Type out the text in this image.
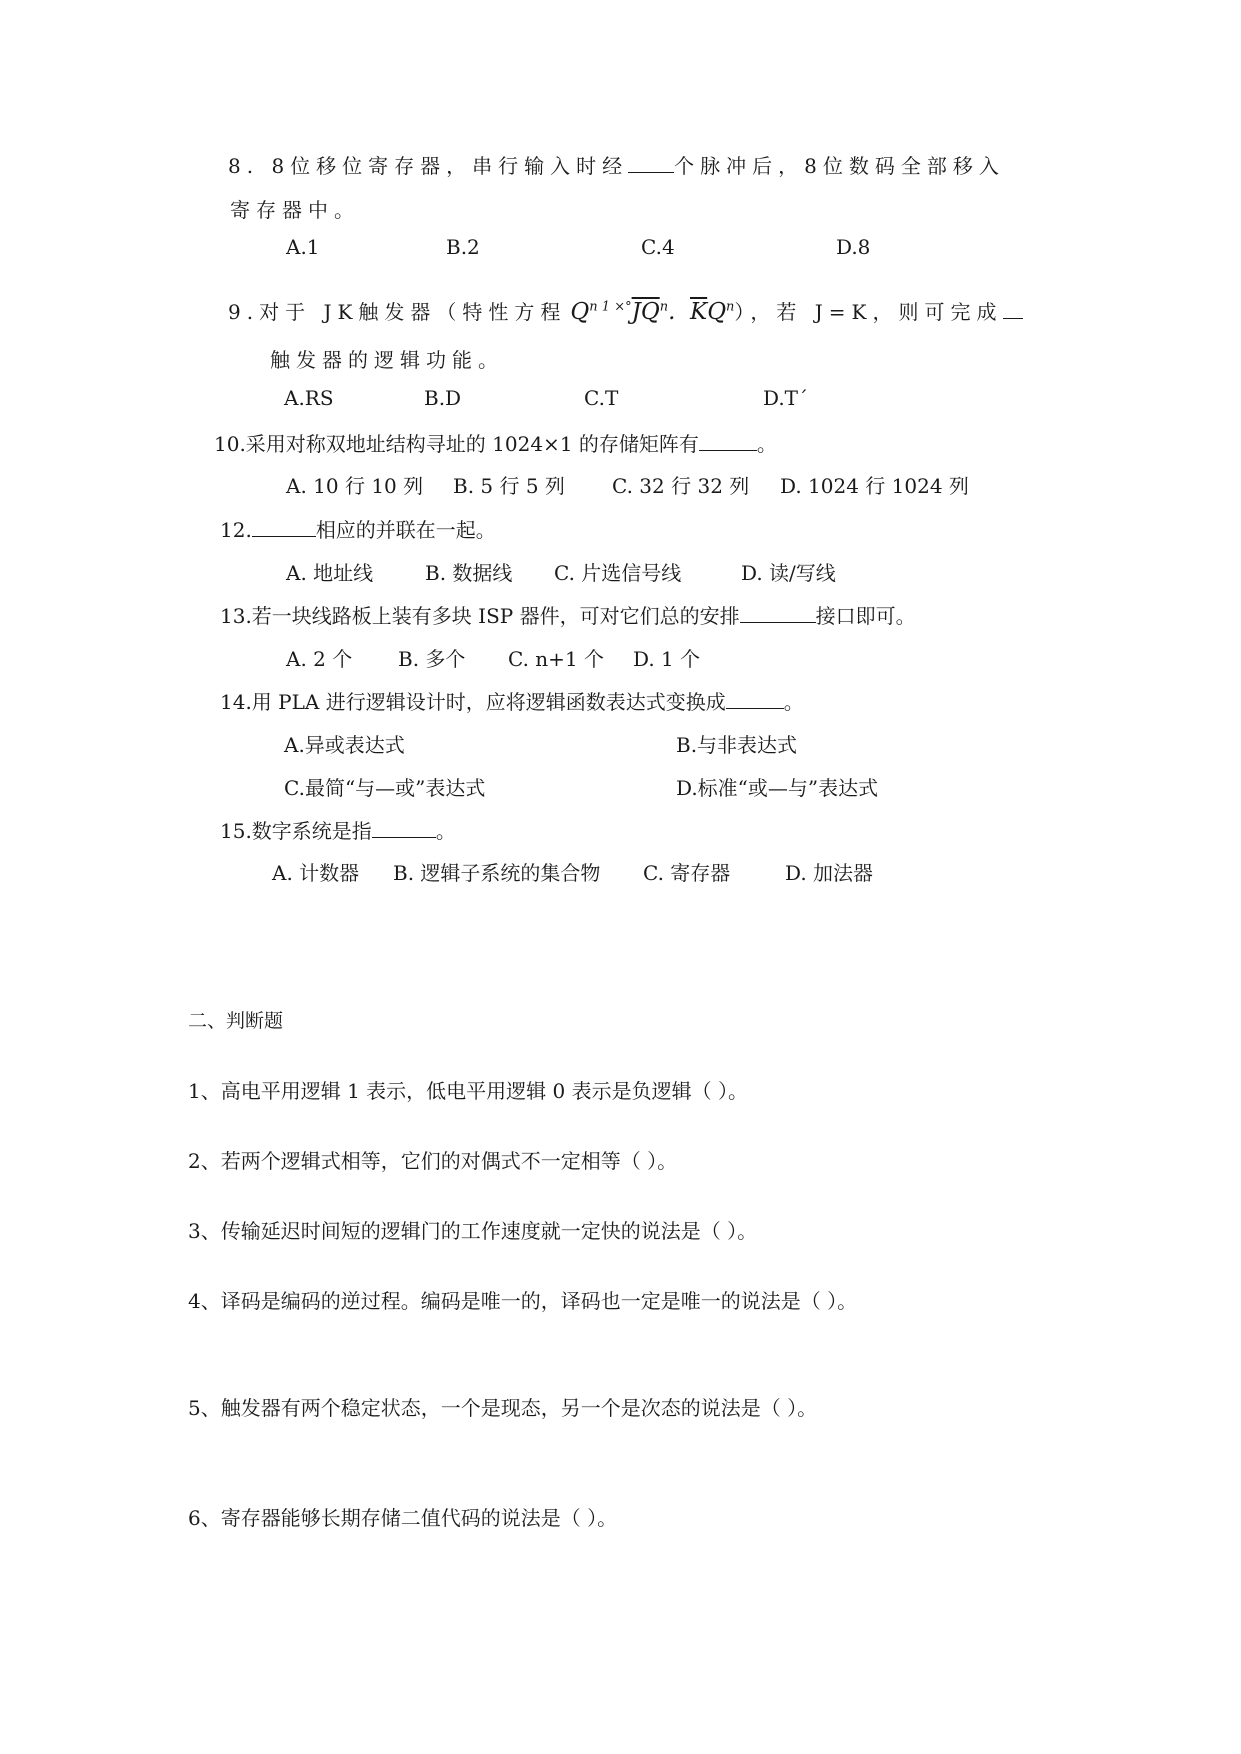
8. 8位移位寄存器，串行输入时经 个脉冲后，8位数码全部移入
寄存器中。
A.1	B.2	C.4	D.8
9.对于 JK触发器（特性方程 $Q^{n 1 \times^\circ}\overline{JQ}^n$. $\overline{K}Q^n$），若 J=K，则可完成
触发器的逻辑功能。
A.RS	B.D	C.T	D.T´
10.采用对称双地址结构寻址的 1024×1 的存储矩阵有	。
A. 10 行 10 列 B. 5 行 5 列 C. 32 行 32 列 D. 1024 行 1024 列
12.	相应的并联在一起。
A. 地址线	B. 数据线 C. 片选信号线	D. 读/写线
13.若一块线路板上装有多块 ISP 器件，可对它们总的安排	接口即可。
A. 2 个 B. 多个 C. n+1 个 D. 1 个
14.用 PLA 进行逻辑设计时，应将逻辑函数表达式变换成	。
A.异或表达式	B.与非表达式
C.最简“与—或”表达式	D.标准“或—与”表达式
15.数字系统是指	。
A. 计数器 B. 逻辑子系统的集合物 C. 寄存器	D. 加法器
二、判断题
1、高电平用逻辑 1 表示，低电平用逻辑 0 表示是负逻辑（ ）。
2、若两个逻辑式相等，它们的对偶式不一定相等（ ）。
3、传输延迟时间短的逻辑门的工作速度就一定快的说法是（ ）。
4、译码是编码的逆过程。编码是唯一的，译码也一定是唯一的说法是（ ）。
5、触发器有两个稳定状态，一个是现态，另一个是次态的说法是（ ）。
6、寄存器能够长期存储二值代码的说法是（ ）。
